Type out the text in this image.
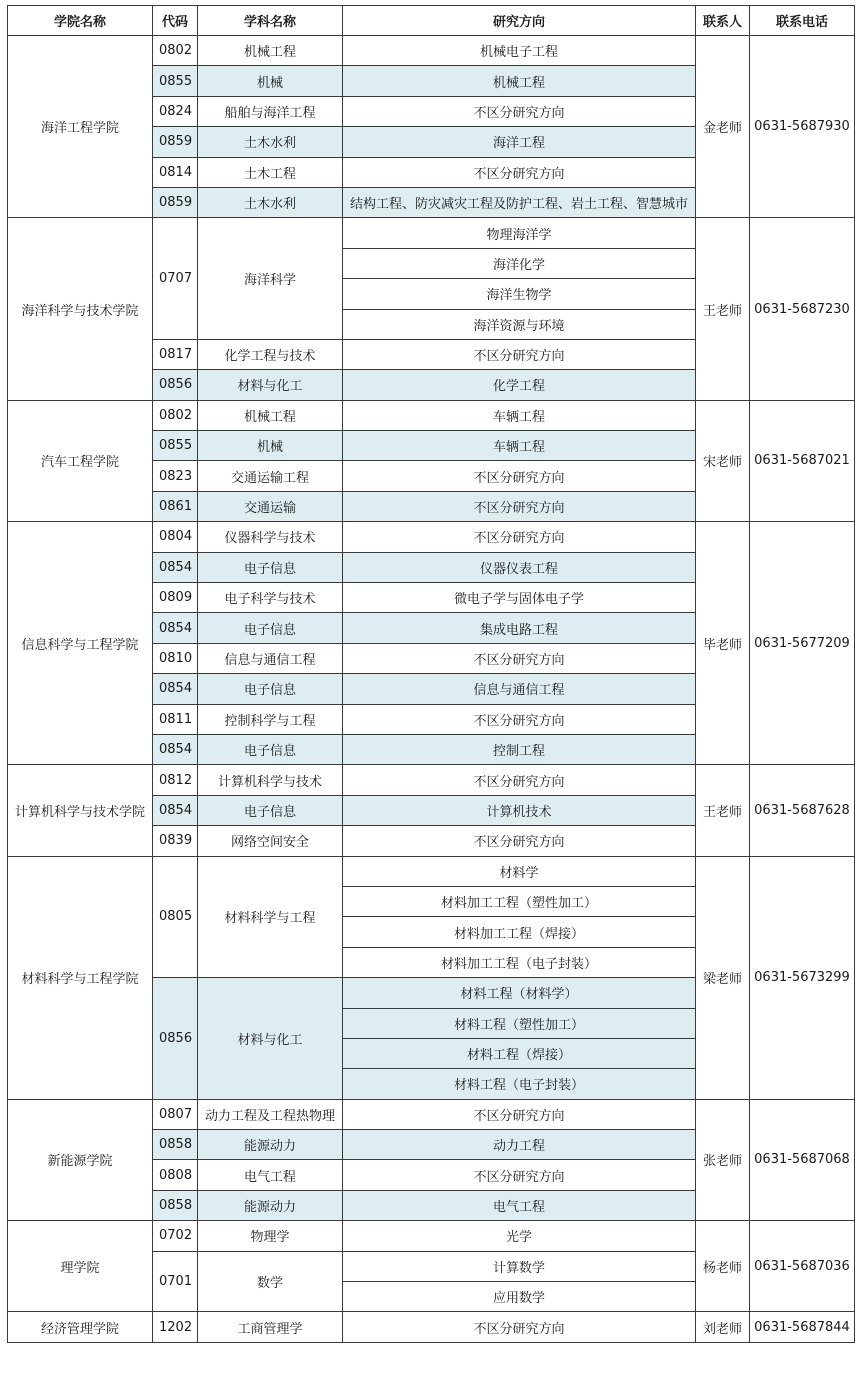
学院名称	代码	学科名称	研究方向	联系人	联系电话
海洋工程学院	0802	机械工程	机械电子工程	金老师	0631-5687930
	0855	机械	机械工程		
	0824	船舶与海洋工程	不区分研究方向		
	0859	土木水利	海洋工程		
	0814	土木工程	不区分研究方向		
	0859	土木水利	结构工程、防灾减灾工程及防护工程、岩土工程、智慧城市		
海洋科学与技术学院	0707	海洋科学	物理海洋学	王老师	0631-5687230
			海洋化学		
			海洋生物学		
			海洋资源与环境		
	0817	化学工程与技术	不区分研究方向		
	0856	材料与化工	化学工程		
汽车工程学院	0802	机械工程	车辆工程	宋老师	0631-5687021
	0855	机械	车辆工程		
	0823	交通运输工程	不区分研究方向		
	0861	交通运输	不区分研究方向		
信息科学与工程学院	0804	仪器科学与技术	不区分研究方向	毕老师	0631-5677209
	0854	电子信息	仪器仪表工程		
	0809	电子科学与技术	微电子学与固体电子学		
	0854	电子信息	集成电路工程		
	0810	信息与通信工程	不区分研究方向		
	0854	电子信息	信息与通信工程		
	0811	控制科学与工程	不区分研究方向		
	0854	电子信息	控制工程		
计算机科学与技术学院	0812	计算机科学与技术	不区分研究方向	王老师	0631-5687628
	0854	电子信息	计算机技术		
	0839	网络空间安全	不区分研究方向		
材料科学与工程学院	0805	材料科学与工程	材料学	梁老师	0631-5673299
			材料加工工程（塑性加工）		
			材料加工工程（焊接）		
			材料加工工程（电子封装）		
	0856	材料与化工	材料工程（材料学）		
			材料工程（塑性加工）		
			材料工程（焊接）		
			材料工程（电子封装）		
新能源学院	0807	动力工程及工程热物理	不区分研究方向	张老师	0631-5687068
	0858	能源动力	动力工程		
	0808	电气工程	不区分研究方向		
	0858	能源动力	电气工程		
理学院	0702	物理学	光学	杨老师	0631-5687036
	0701	数学	计算数学		
			应用数学		
经济管理学院	1202	工商管理学	不区分研究方向	刘老师	0631-5687844
